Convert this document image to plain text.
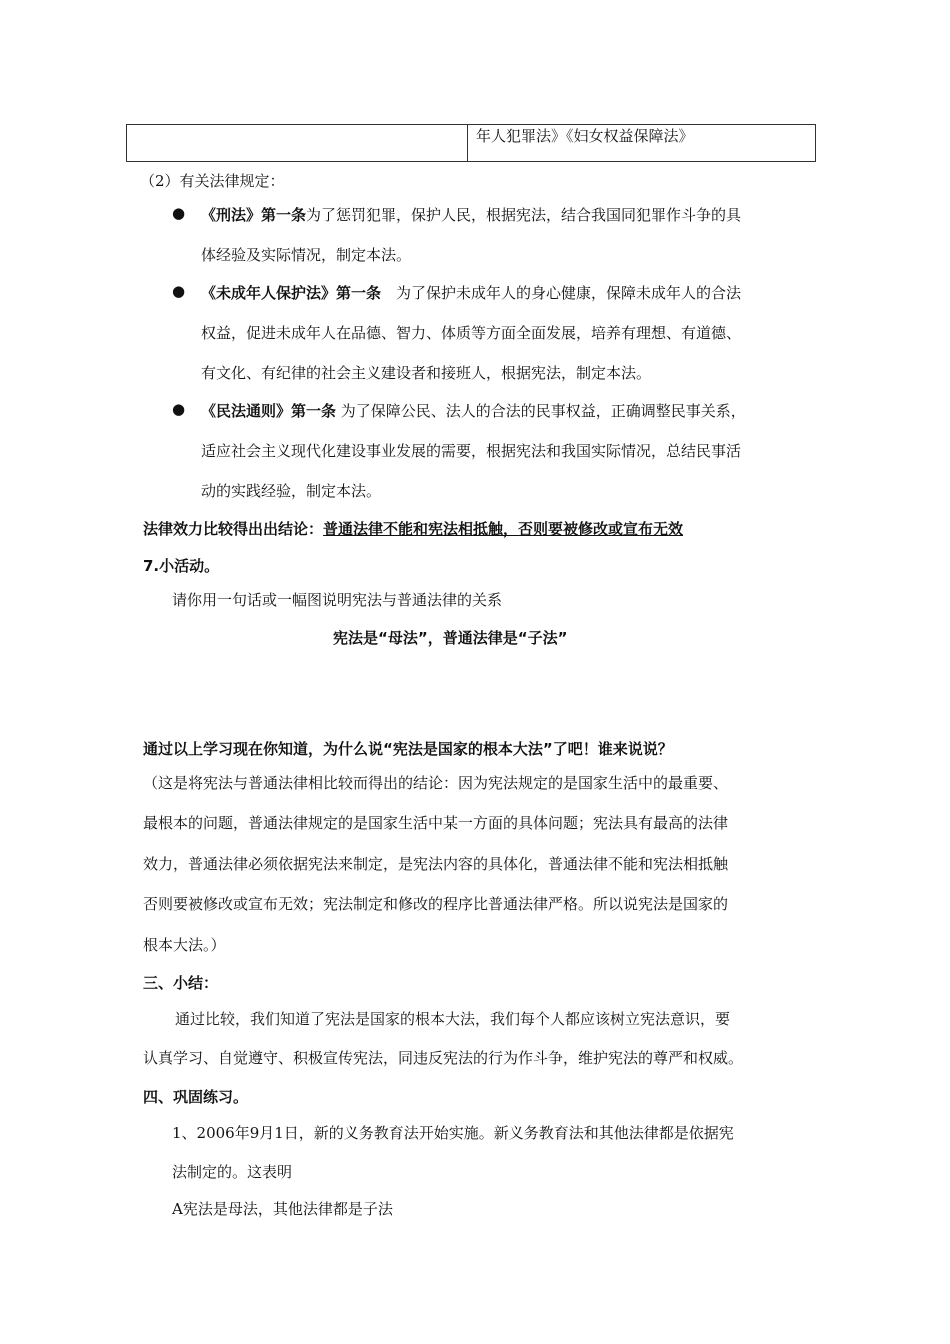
	年人犯罪法》《妇女权益保障法》
（2）有关法律规定：
● 《刑法》第一条为了惩罚犯罪，保护人民，根据宪法，结合我国同犯罪作斗争的具
体经验及实际情况，制定本法。
● 《未成年人保护法》第一条　为了保护未成年人的身心健康，保障未成年人的合法
权益，促进未成年人在品德、智力、体质等方面全面发展，培养有理想、有道德、
有文化、有纪律的社会主义建设者和接班人，根据宪法，制定本法。
● 《民法通则》第一条 为了保障公民、法人的合法的民事权益，正确调整民事关系，
适应社会主义现代化建设事业发展的需要，根据宪法和我国实际情况，总结民事活
动的实践经验，制定本法。
法律效力比较得出出结论：普通法律不能和宪法相抵触，否则要被修改或宣布无效
7.小活动。
请你用一句话或一幅图说明宪法与普通法律的关系
宪法是“母法”，普通法律是“子法”
通过以上学习现在你知道，为什么说“宪法是国家的根本大法”了吧！谁来说说？
（这是将宪法与普通法律相比较而得出的结论：因为宪法规定的是国家生活中的最重要、
最根本的问题，普通法律规定的是国家生活中某一方面的具体问题；宪法具有最高的法律
效力，普通法律必须依据宪法来制定，是宪法内容的具体化，普通法律不能和宪法相抵触
否则要被修改或宣布无效；宪法制定和修改的程序比普通法律严格。所以说宪法是国家的
根本大法。）
三、小结：
　通过比较，我们知道了宪法是国家的根本大法，我们每个人都应该树立宪法意识，要
认真学习、自觉遵守、积极宣传宪法，同违反宪法的行为作斗争，维护宪法的尊严和权威。
四、巩固练习。
1、2006年9月1日，新的义务教育法开始实施。新义务教育法和其他法律都是依据宪
法制定的。这表明
A宪法是母法，其他法律都是子法
